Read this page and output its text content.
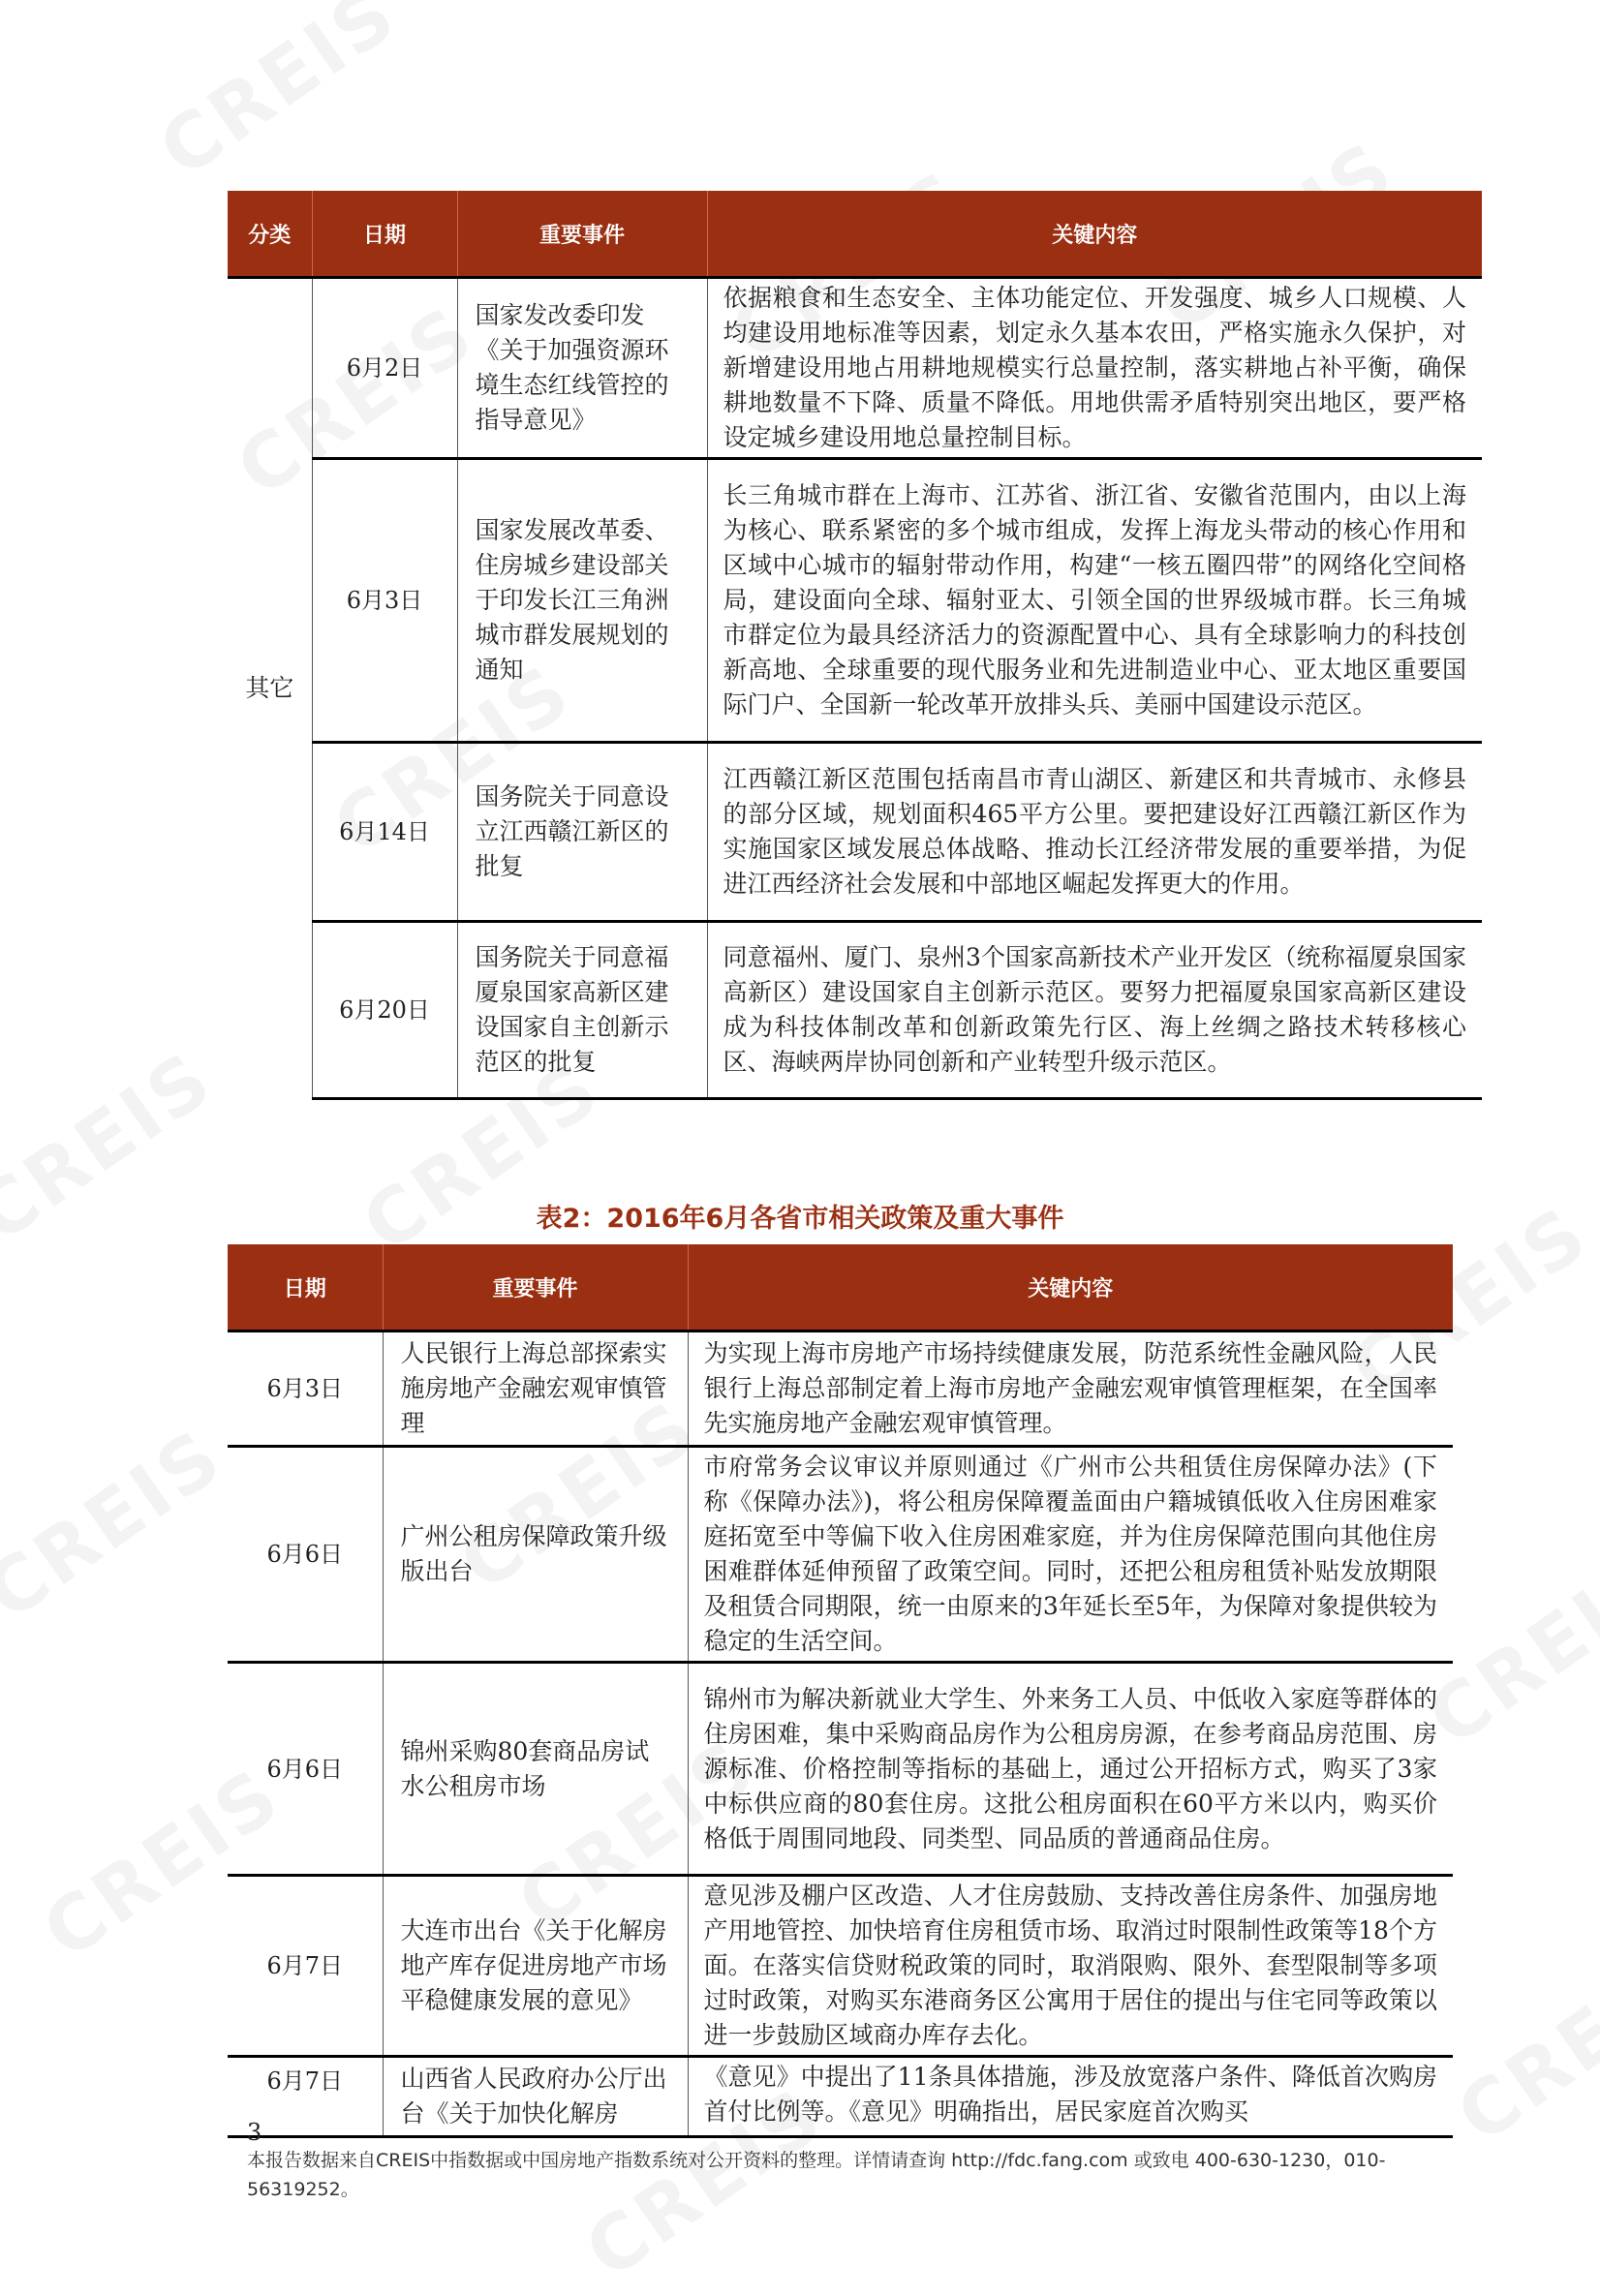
分类	日期	重要事件	关键内容
其它	6月2日	国家发改委印发《关于加强资源环境生态红线管控的指导意见》	依据粮食和生态安全、主体功能定位、开发强度、城乡人口规模、人均建设用地标准等因素，划定永久基本农田，严格实施永久保护，对新增建设用地占用耕地规模实行总量控制，落实耕地占补平衡，确保耕地数量不下降、质量不降低。用地供需矛盾特别突出地区，要严格设定城乡建设用地总量控制目标。
	6月3日	国家发展改革委、住房城乡建设部关于印发长江三角洲城市群发展规划的通知	长三角城市群在上海市、江苏省、浙江省、安徽省范围内，由以上海为核心、联系紧密的多个城市组成，发挥上海龙头带动的核心作用和区域中心城市的辐射带动作用，构建“一核五圈四带”的网络化空间格局，建设面向全球、辐射亚太、引领全国的世界级城市群。长三角城市群定位为最具经济活力的资源配置中心、具有全球影响力的科技创新高地、全球重要的现代服务业和先进制造业中心、亚太地区重要国际门户、全国新一轮改革开放排头兵、美丽中国建设示范区。
	6月14日	国务院关于同意设立江西赣江新区的批复	江西赣江新区范围包括南昌市青山湖区、新建区和共青城市、永修县的部分区域，规划面积465平方公里。要把建设好江西赣江新区作为实施国家区域发展总体战略、推动长江经济带发展的重要举措，为促进江西经济社会发展和中部地区崛起发挥更大的作用。
	6月20日	国务院关于同意福厦泉国家高新区建设国家自主创新示范区的批复	同意福州、厦门、泉州3个国家高新技术产业开发区（统称福厦泉国家高新区）建设国家自主创新示范区。要努力把福厦泉国家高新区建设成为科技体制改革和创新政策先行区、海上丝绸之路技术转移核心区、海峡两岸协同创新和产业转型升级示范区。
表2：2016年6月各省市相关政策及重大事件
日期	重要事件	关键内容
6月3日	人民银行上海总部探索实施房地产金融宏观审慎管理	为实现上海市房地产市场持续健康发展，防范系统性金融风险，人民银行上海总部制定着上海市房地产金融宏观审慎管理框架，在全国率先实施房地产金融宏观审慎管理。
6月6日	广州公租房保障政策升级版出台	市府常务会议审议并原则通过《广州市公共租赁住房保障办法》(下称《保障办法》)，将公租房保障覆盖面由户籍城镇低收入住房困难家庭拓宽至中等偏下收入住房困难家庭，并为住房保障范围向其他住房困难群体延伸预留了政策空间。同时，还把公租房租赁补贴发放期限及租赁合同期限，统一由原来的3年延长至5年，为保障对象提供较为稳定的生活空间。
6月6日	锦州采购80套商品房试水公租房市场	锦州市为解决新就业大学生、外来务工人员、中低收入家庭等群体的住房困难，集中采购商品房作为公租房房源，在参考商品房范围、房源标准、价格控制等指标的基础上，通过公开招标方式，购买了3家中标供应商的80套住房。这批公租房面积在60平方米以内，购买价格低于周围同地段、同类型、同品质的普通商品住房。
6月7日	大连市出台《关于化解房地产库存促进房地产市场平稳健康发展的意见》	意见涉及棚户区改造、人才住房鼓励、支持改善住房条件、加强房地产用地管控、加快培育住房租赁市场、取消过时限制性政策等18个方面。在落实信贷财税政策的同时，取消限购、限外、套型限制等多项过时政策，对购买东港商务区公寓用于居住的提出与住宅同等政策以进一步鼓励区域商办库存去化。
6月7日	山西省人民政府办公厅出台《关于加快化解房	《意见》中提出了11条具体措施，涉及放宽落户条件、降低首次购房首付比例等。《意见》明确指出，居民家庭首次购买
3
本报告数据来自CREIS中指数据或中国房地产指数系统对公开资料的整理。详情请查询 http://fdc.fang.com 或致电 400-630-1230，010-56319252。
